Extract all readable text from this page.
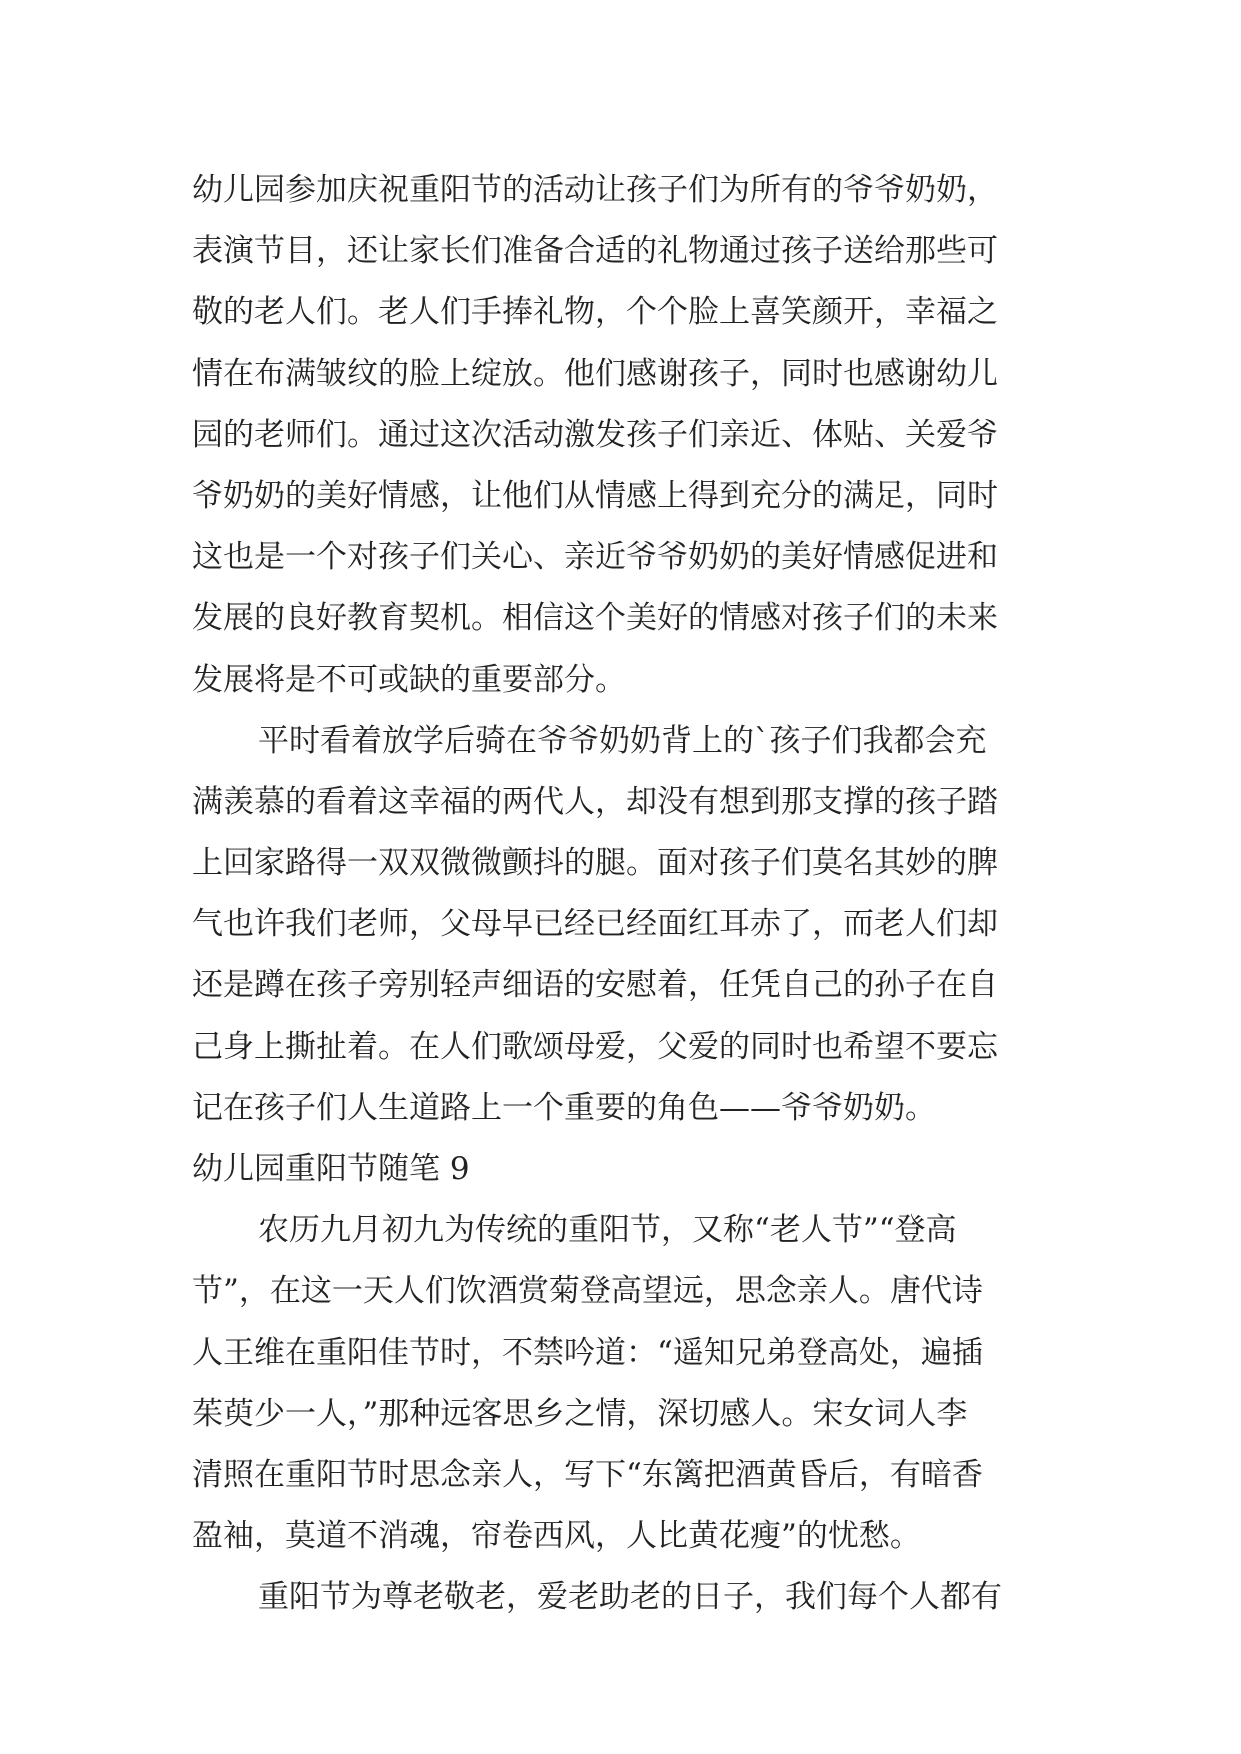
幼儿园参加庆祝重阳节的活动让孩子们为所有的爷爷奶奶，
表演节目，还让家长们准备合适的礼物通过孩子送给那些可
敬的老人们。老人们手捧礼物，个个脸上喜笑颜开，幸福之
情在布满皱纹的脸上绽放。他们感谢孩子，同时也感谢幼儿
园的老师们。通过这次活动激发孩子们亲近、体贴、关爱爷
爷奶奶的美好情感，让他们从情感上得到充分的满足，同时
这也是一个对孩子们关心、亲近爷爷奶奶的美好情感促进和
发展的良好教育契机。相信这个美好的情感对孩子们的未来
发展将是不可或缺的重要部分。
平时看着放学后骑在爷爷奶奶背上的`孩子们我都会充
满羡慕的看着这幸福的两代人，却没有想到那支撑的孩子踏
上回家路得一双双微微颤抖的腿。面对孩子们莫名其妙的脾
气也许我们老师，父母早已经已经面红耳赤了，而老人们却
还是蹲在孩子旁别轻声细语的安慰着，任凭自己的孙子在自
己身上撕扯着。在人们歌颂母爱，父爱的同时也希望不要忘
记在孩子们人生道路上一个重要的角色——爷爷奶奶。
幼儿园重阳节随笔 9
农历九月初九为传统的重阳节，又称“老人节”“登高
节”，在这一天人们饮酒赏菊登高望远，思念亲人。唐代诗
人王维在重阳佳节时，不禁吟道：“遥知兄弟登高处，遍插
茱萸少一人，”那种远客思乡之情，深切感人。宋女词人李
清照在重阳节时思念亲人，写下“东篱把酒黄昏后，有暗香
盈袖，莫道不消魂，帘卷西风，人比黄花瘦”的忧愁。
重阳节为尊老敬老，爱老助老的日子，我们每个人都有
